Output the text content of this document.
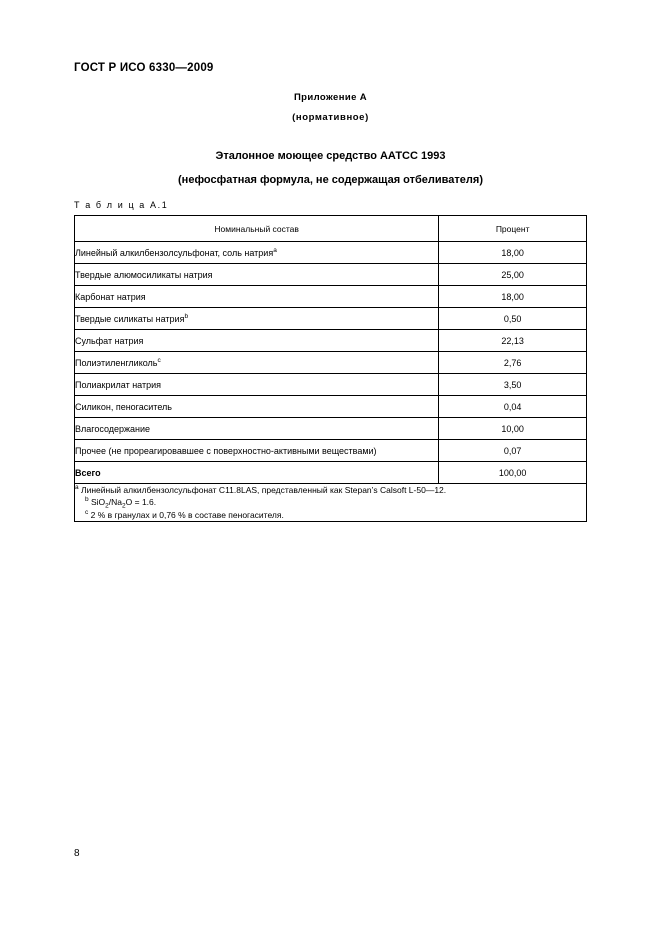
ГОСТ Р ИСО 6330—2009
Приложение А
(нормативное)
Эталонное моющее средство ААТСС 1993
(нефосфатная формула, не содержащая отбеливателя)
Т а б л и ц а А.1
Номинальный состав	Процент
Линейный алкилбензолсульфонат, соль натрия$^a$	18,00
Твердые алюмосиликаты натрия	25,00
Карбонат натрия	18,00
Твердые силикаты натрия$^b$	0,50
Сульфат натрия	22,13
Полиэтиленгликоль$^c$	2,76
Полиакрилат натрия	3,50
Силикон, пеногаситель	0,04
Влагосодержание	10,00
Прочее (не прореагировавшее с поверхностно-активными веществами)	0,07
Всего	100,00

$^a$ Линейный алкилбензолсульфонат С11.8LAS, представленный как Stepan’s Calsoft L-50—12.
$^b$ $SiO_2/Na_2O = 1.6$.
$^c$ 2 % в гранулах и 0,76 % в составе пеногасителя.	
8
